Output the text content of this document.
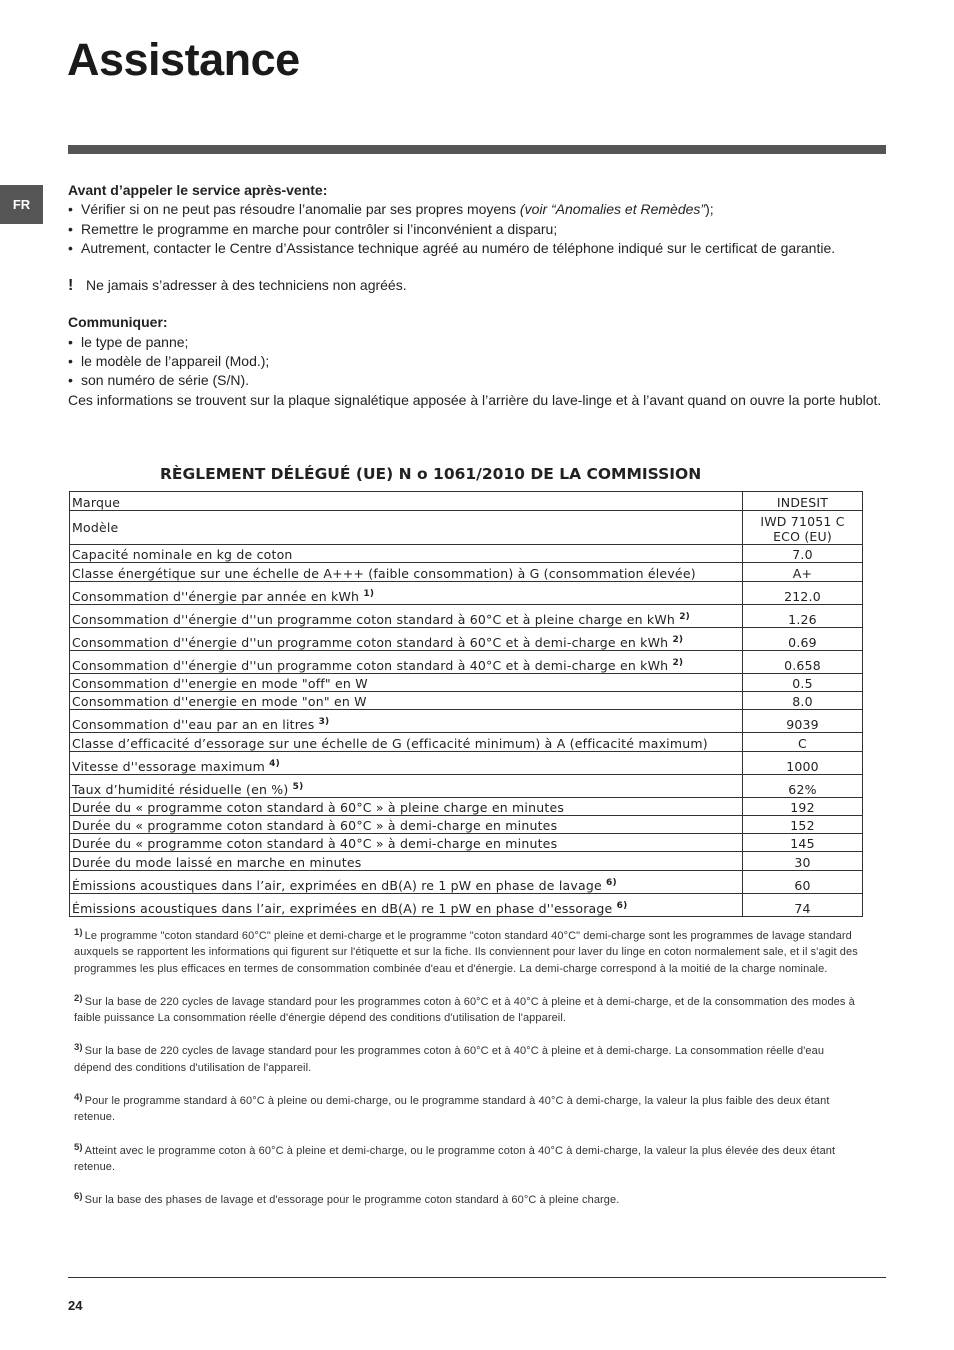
Assistance
FR

Avant d’appeler le service après-vente:

• Vérifier si on ne peut pas résoudre l’anomalie par ses propres moyens (voir “Anomalies et Remèdes”);
• Remettre le programme en marche pour contrôler si l’inconvénient a disparu;
• Autrement, contacter le Centre d’Assistance technique agréé au numéro de téléphone indiqué sur le certificat de garantie.
! Ne jamais s’adresser à des techniciens non agréés.

Communiquer:

• le type de panne;
• le modèle de l’appareil (Mod.);
• son numéro de série (S/N).

Ces informations se trouvent sur la plaque signalétique apposée à l’arrière du lave-linge et à l’avant quand on ouvre la porte hublot.

RÈGLEMENT DÉLÉGUÉ (UE) N o 1061/2010 DE LA COMMISSION
Marque	INDESIT
Modèle	IWD 71051 C
ECO (EU)

Capacité nominale en kg de coton	7.0
Classe énergétique sur une échelle de A+++ (faible consommation) à G (consommation élevée)	A+
Consommation d''énergie par année en kWh $^{1)}$	212.0
Consommation d''énergie d''un programme coton standard à 60°C et à pleine charge en kWh $^{2)}$	1.26
Consommation d''énergie d''un programme coton standard à 60°C et à demi-charge en kWh $^{2)}$	0.69
Consommation d''énergie d''un programme coton standard à 40°C et à demi-charge en kWh $^{2)}$	0.658
Consommation d''energie en mode "off" en W	0.5
Consommation d''energie en mode "on" en W	8.0
Consommation d''eau par an en litres $^{3)}$	9039
Classe d’efficacité d’essorage sur une échelle de G (efficacité minimum) à A (efficacité maximum)	C
Vitesse d''essorage maximum $^{4)}$	1000
Taux d’humidité résiduelle (en %) $^{5)}$	62%
Durée du « programme coton standard à 60°C » à pleine charge en minutes	192
Durée du « programme coton standard à 60°C » à demi-charge en minutes	152
Durée du « programme coton standard à 40°C » à demi-charge en minutes	145
Durée du mode laissé en marche en minutes	30
Émissions acoustiques dans l’air, exprimées en dB(A) re 1 pW en phase de lavage $^{6)}$	60
Émissions acoustiques dans l’air, exprimées en dB(A) re 1 pW en phase d''essorage $^{6)}$	74
$^{1)}$ Le programme "coton standard 60°C" pleine et demi-charge et le programme "coton standard 40°C" demi-charge sont les programmes de lavage standard auxquels se rapportent les informations qui figurent sur l'étiquette et sur la fiche. Ils conviennent pour laver du linge en coton normalement sale, et il s'agit des programmes les plus efficaces en termes de consommation combinée d'eau et d'énergie. La demi-charge correspond à la moitié de la charge nominale.
$^{2)}$ Sur la base de 220 cycles de lavage standard pour les programmes coton à 60°C et à 40°C à pleine et à demi-charge, et de la consommation des modes à faible puissance La consommation réelle d'énergie dépend des conditions d'utilisation de l'appareil.
$^{3)}$ Sur la base de 220 cycles de lavage standard pour les programmes coton à 60°C et à 40°C à pleine et à demi-charge. La consommation réelle d'eau dépend des conditions d'utilisation de l'appareil.
$^{4)}$ Pour le programme standard à 60°C à pleine ou demi-charge, ou le programme standard à 40°C à demi-charge, la valeur la plus faible des deux étant retenue.
$^{5)}$ Atteint avec le programme coton à 60°C à pleine et demi-charge, ou le programme coton à 40°C à demi-charge, la valeur la plus élevée des deux étant retenue.
$^{6)}$ Sur la base des phases de lavage et d'essorage pour le programme coton standard à 60°C à pleine charge.
24
